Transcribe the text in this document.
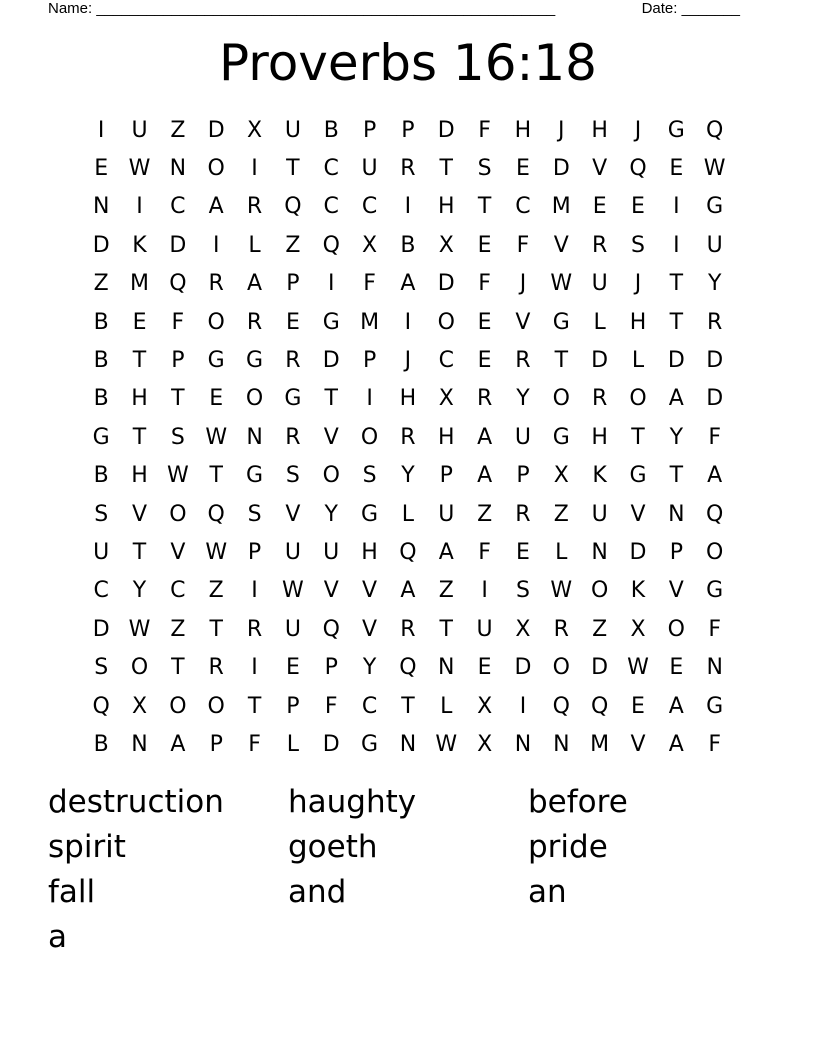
Name: _______________________________________________________	Date: _______
Proverbs 16:18
I	U	Z	D	X	U	B	P	P	D	F	H	J	H	J	G Q
E W N O	I	T	C	U	R	T	S	E	D	V	Q	E W
N	I	C	A	R	Q	C	C	I	H	T	C M E	E	I	G
D	K	D	I	L	Z	Q	X	B	X	E	F	V	R	S	I	U
Z M Q	R	A	P	I	F	A	D	F	J	W U	J	T	Y
B	E	F	O	R	E	G M	I	O	E	V	G	L	H	T	R
B	T	P	G G	R	D	P	J	C	E	R	T	D	L	D D
B	H	T	E	O G	T	I	H	X	R	Y	O	R	O	A	D
G	T	S W N	R	V	O	R	H	A	U G H	T	Y	F
B	H W T	G	S	O	S	Y	P	A	P	X	K	G	T	A
S	V	O Q	S	V	Y	G	L	U	Z	R	Z	U	V	N Q
U	T	V W P	U	U	H Q	A	F	E	L	N D	P	O
C	Y	C	Z	I	W V	V	A	Z	I	S W O	K	V	G
D W Z	T	R	U Q	V	R	T	U	X	R	Z	X	O	F
S	O	T	R	I	E	P	Y	Q N	E	D O D W E	N
Q	X	O O	T	P	F	C	T	L	X	I	Q Q	E	A	G
B	N	A	P	F	L	D G N W X	N N M V	A	F
destruction	haughty	before
spirit	goeth	pride
fall	and	an
a
